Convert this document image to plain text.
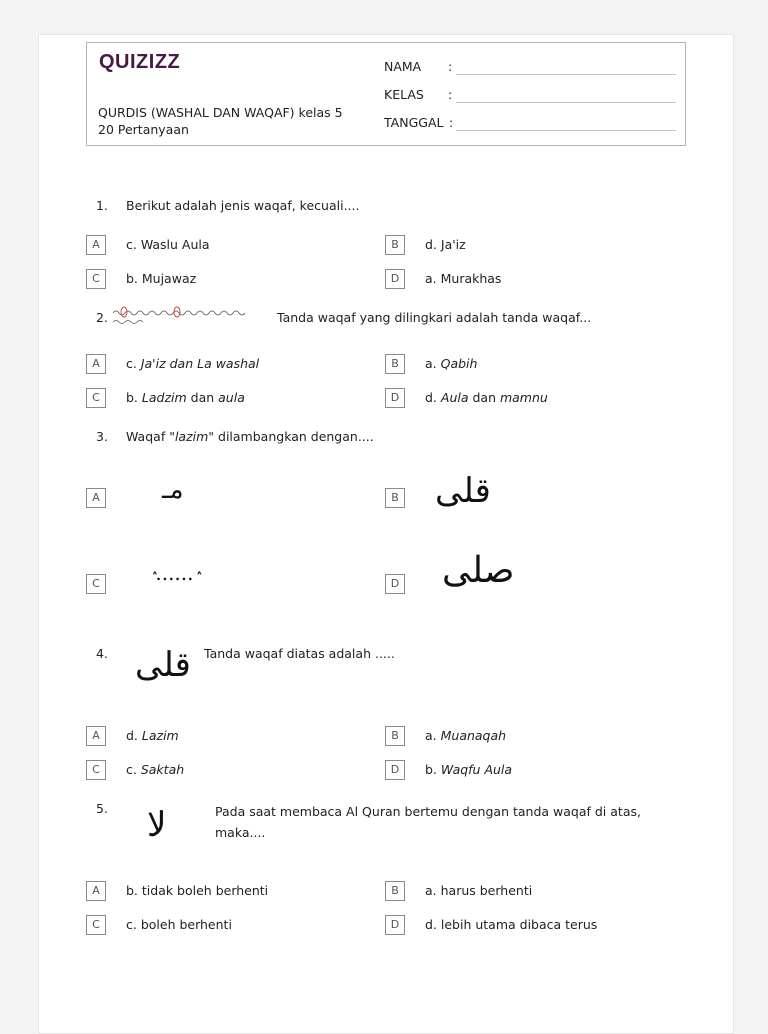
QUIZIZZ
QURDIS (WASHAL DAN WAQAF) kelas 5
20 Pertanyaan
NAMA :
KELAS :
TANGGAL :
1. Berikut adalah jenis waqaf, kecuali....
A	c. Waslu Aula	B	d. Ja'iz
C	b. Mujawaz	D	a. Murakhas
2.	Tanda waqaf yang dilingkari adalah tanda waqaf...
A	c. Ja'iz dan La washal	B	a. Qabih
C	b. Ladzim dan aula	D	d. Aula dan mamnu
3. Waqaf "lazim" dilambangkan dengan....
A مـ	B قلى
C	ٛ ...... ٛ	D صلى
4. قلى Tanda waqaf diatas adalah .....
A	d. Lazim	B	a. Muanaqah
C	c. Saktah	D	b. Waqfu Aula
5. لا	Pada saat membaca Al Quran bertemu dengan tanda waqaf di atas,
maka....
A	b. tidak boleh berhenti	B	a. harus berhenti
C	c. boleh berhenti	D	d. lebih utama dibaca terus
